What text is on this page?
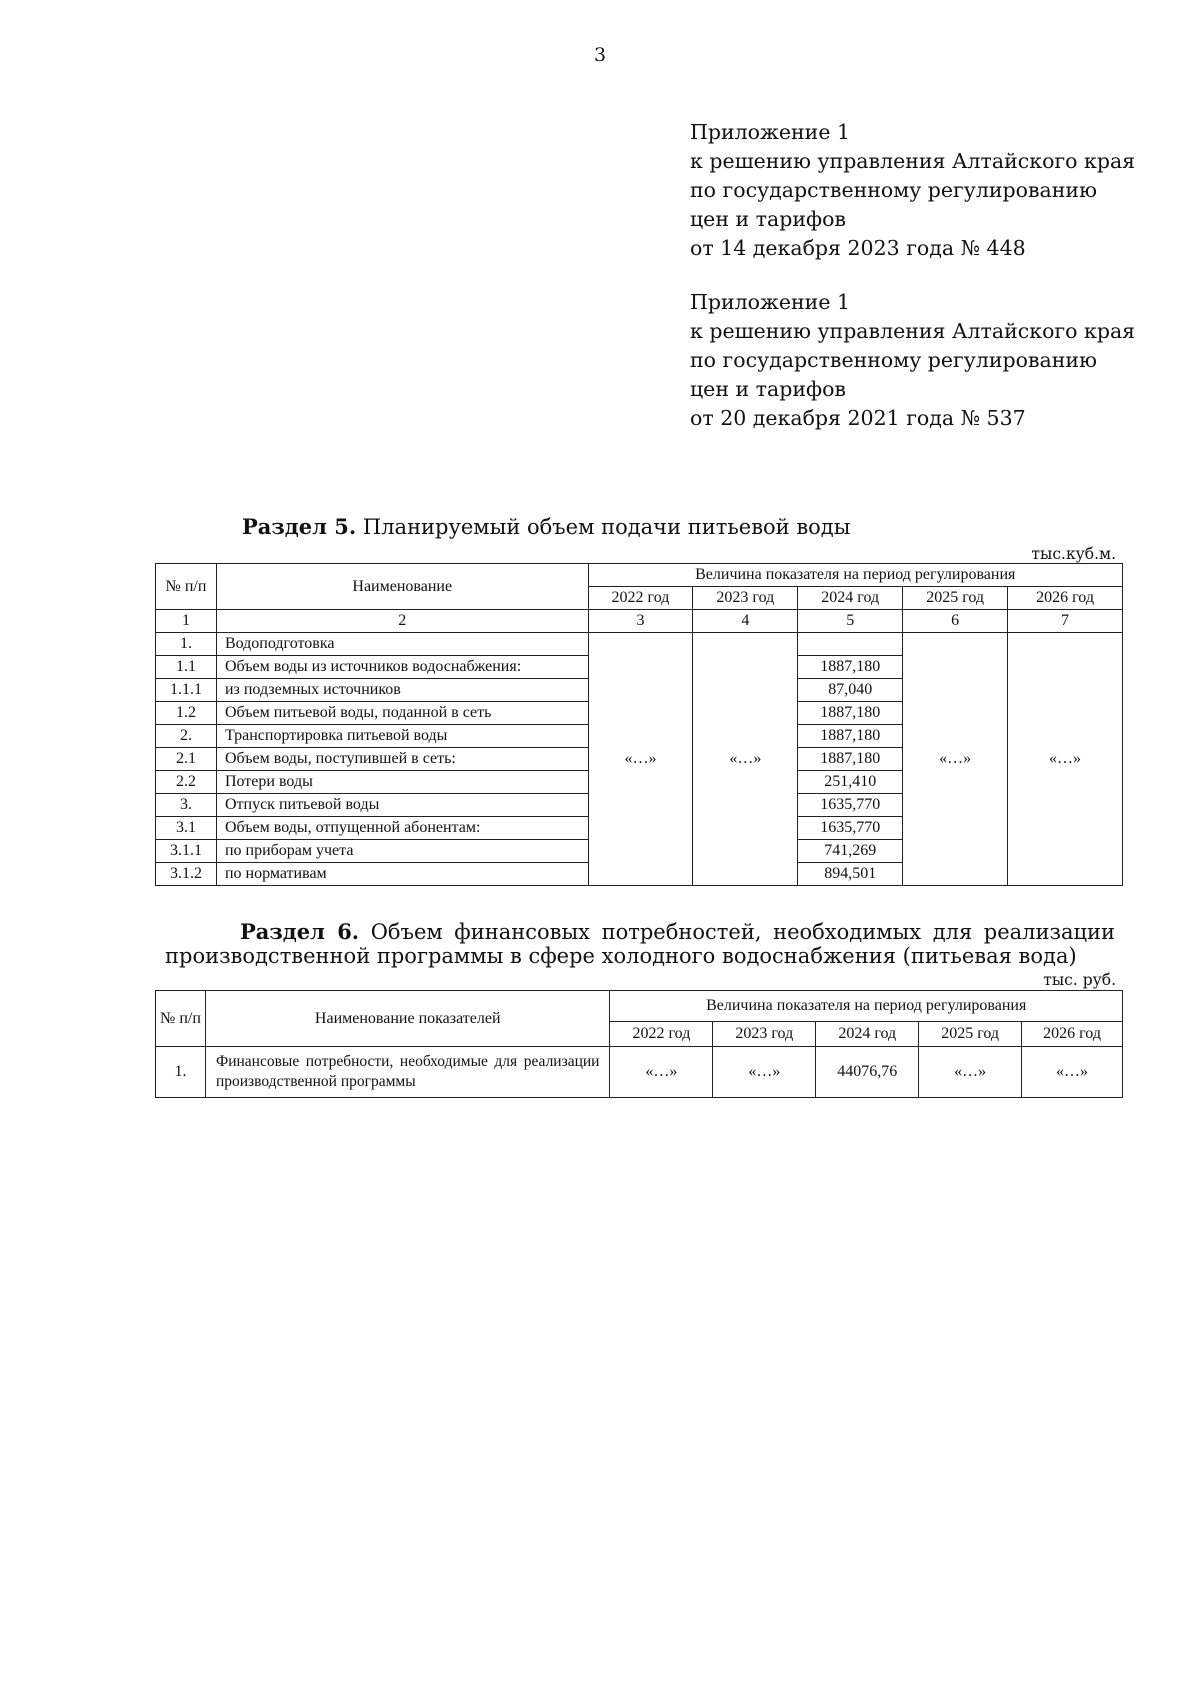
3
Приложение 1
к решению управления Алтайского края
по государственному регулированию
цен и тарифов
от 14 декабря 2023 года № 448
Приложение 1
к решению управления Алтайского края
по государственному регулированию
цен и тарифов
от 20 декабря 2021 года № 537
Раздел 5. Планируемый объем подачи питьевой воды
тыс.куб.м.
№ п/п	Наименование	Величина показателя на период регулирования				
		2022 год	2023 год	2024 год	2025 год	2026 год
1	2	3	4	5	6	7
1.	Водоподготовка	«…»	«…»		«…»	«…»
1.1	Объем воды из источников водоснабжения:			1887,180		
1.1.1	из подземных источников			87,040		
1.2	Объем питьевой воды, поданной в сеть			1887,180		
2.	Транспортировка питьевой воды			1887,180		
2.1	Объем воды, поступившей в сеть:			1887,180		
2.2	Потери воды			251,410		
3.	Отпуск питьевой воды			1635,770		
3.1	Объем воды, отпущенной абонентам:			1635,770		
3.1.1	по приборам учета			741,269		
3.1.2	по нормативам			894,501		
Раздел 6. Объем финансовых потребностей, необходимых для реализации производственной программы в сфере холодного водоснабжения (питьевая вода)
тыс. руб.
№ п/п	Наименование показателей	Величина показателя на период регулирования				
		2022 год	2023 год	2024 год	2025 год	2026 год
1.	Финансовые потребности, необходимые для реализации производственной программы	«…»	«…»	44076,76	«…»	«…»
